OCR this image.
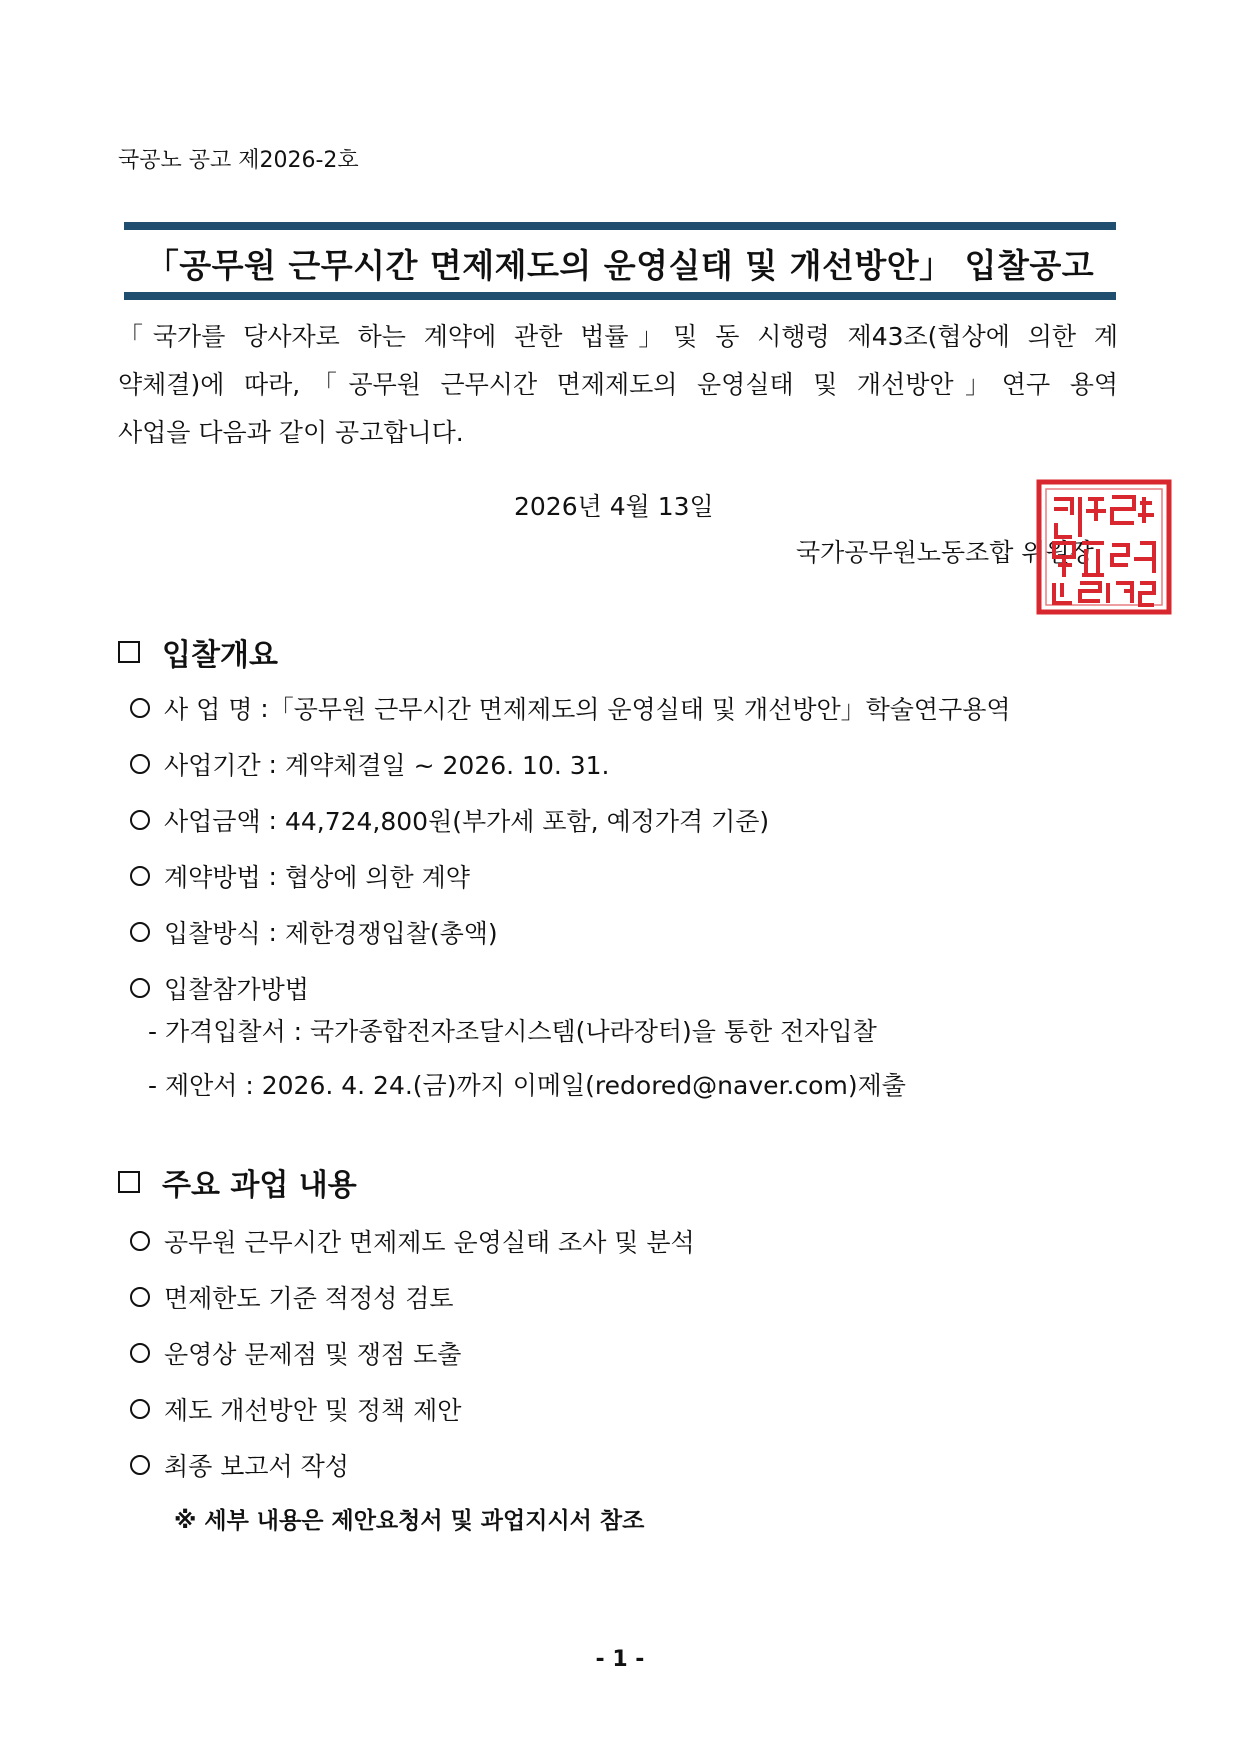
국공노 공고 제2026-2호
「공무원 근무시간 면제제도의 운영실태 및 개선방안」 입찰공고
「국가를 당사자로 하는 계약에 관한 법률」및 동 시행령 제43조(협상에 의한 계
약체결)에 따라,「공무원 근무시간 면제제도의 운영실태 및 개선방안」연구 용역
사업을 다음과 같이 공고합니다.
2026년 4월 13일
국가공무원노동조합 위원장
입찰개요
사 업 명 : 「공무원 근무시간 면제제도의 운영실태 및 개선방안」학술연구용역
사업기간 : 계약체결일 ~ 2026. 10. 31.
사업금액 : 44,724,800원(부가세 포함, 예정가격 기준)
계약방법 : 협상에 의한 계약
입찰방식 : 제한경쟁입찰(총액)
입찰참가방법
- 가격입찰서 : 국가종합전자조달시스템(나라장터)을 통한 전자입찰
- 제안서 : 2026. 4. 24.(금)까지 이메일(redored@naver.com)제출
주요 과업 내용
공무원 근무시간 면제제도 운영실태 조사 및 분석
면제한도 기준 적정성 검토
운영상 문제점 및 쟁점 도출
제도 개선방안 및 정책 제안
최종 보고서 작성
※ 세부 내용은 제안요청서 및 과업지시서 참조
- 1 -
